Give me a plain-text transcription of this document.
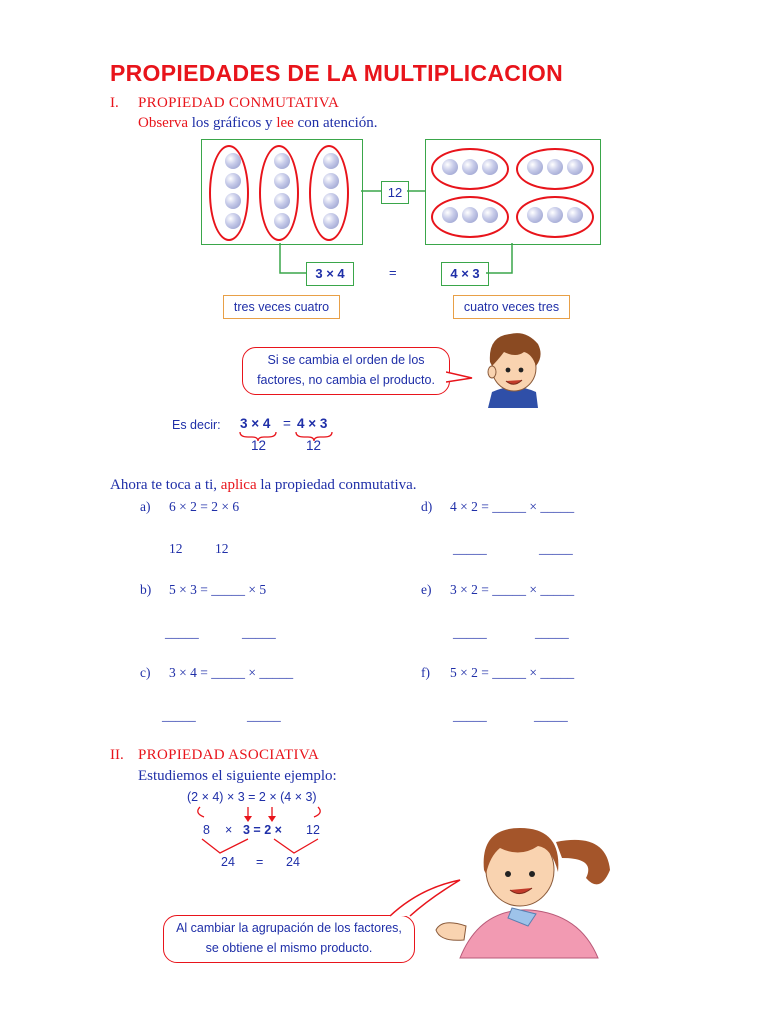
PROPIEDADES DE LA MULTIPLICACION
I. PROPIEDAD CONMUTATIVA
Observa los gráficos y lee con atención.
12
3 × 4	=	4 × 3
tres veces cuatro	cuatro veces tres
Si se cambia el orden de los
factores, no cambia el producto.
Es decir: 3 × 4 = 4 × 3
12	12
Ahora te toca a ti, aplica la propiedad conmutativa.
a) 6 × 2 = 2 × 6
12 12
d) 4 × 2 = _____ × _____
_____	_____
b) 5 × 3 = _____ × 5
_____	_____
e) 3 × 2 = _____ × _____
_____	_____
c) 3 × 4 = _____ × _____
_____	_____
f) 5 × 2 = _____ × _____
_____	_____
II. PROPIEDAD ASOCIATIVA
Estudiemos el siguiente ejemplo:
(2 × 4) × 3 = 2 × (4 × 3)
8 × 3 = 2 × 12
24 = 24
Al cambiar la agrupación de los factores,
se obtiene el mismo producto.
